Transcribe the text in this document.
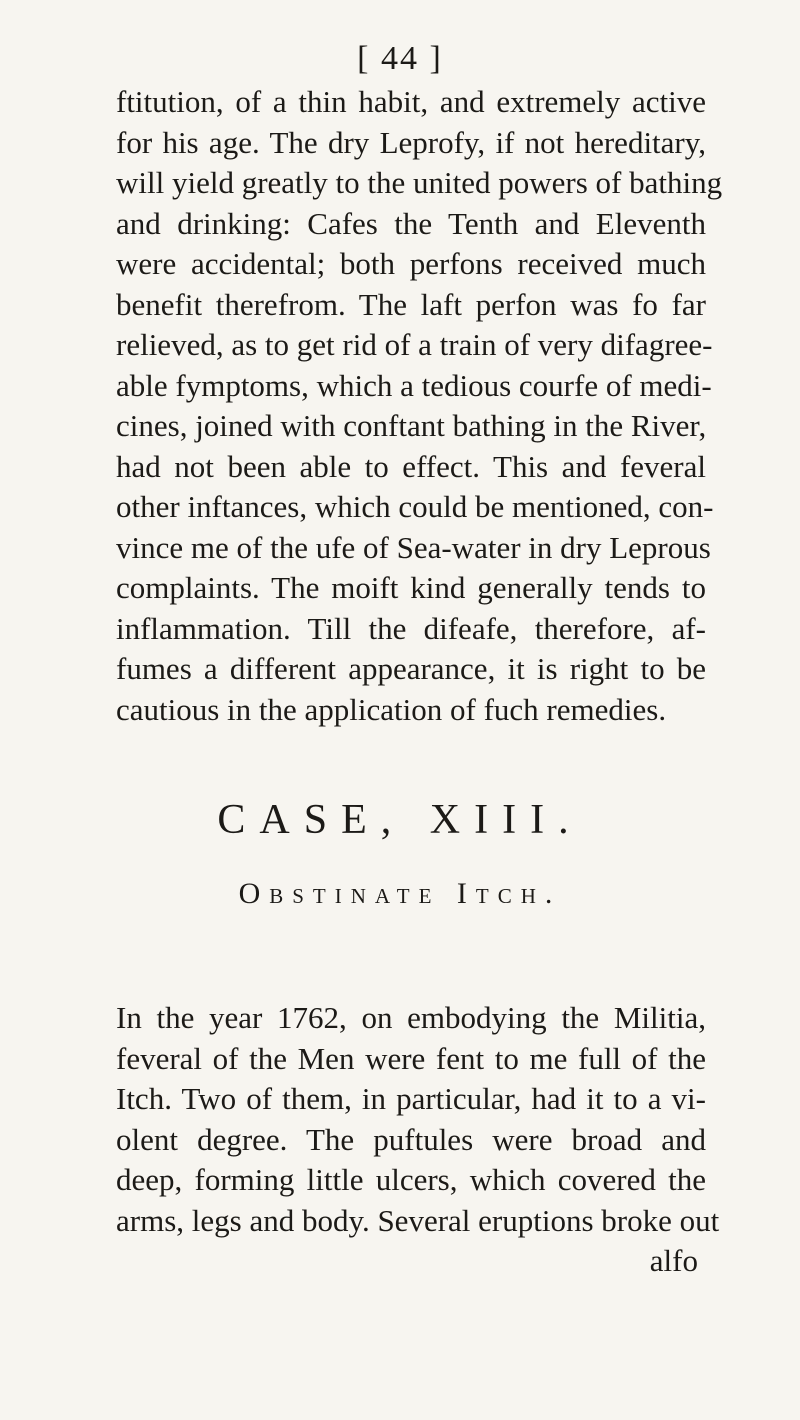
[ 44 ]

ftitution, of a thin habit, and extremely active
for his age. The dry Leprofy, if not hereditary,
will yield greatly to the united powers of bathing
and drinking: Cafes the Tenth and Eleventh
were accidental; both perfons received much
benefit therefrom. The laft perfon was fo far
relieved, as to get rid of a train of very difagree-
able fymptoms, which a tedious courfe of medi-
cines, joined with conftant bathing in the River,
had not been able to effect. This and feveral
other inftances, which could be mentioned, con-
vince me of the ufe of Sea-water in dry Leprous
complaints. The moift kind generally tends to
inflammation. Till the difeafe, therefore, af-
fumes a different appearance, it is right to be
cautious in the application of fuch remedies.

CASE, XIII.
Obstinate Itch.

In the year 1762, on embodying the Militia,
feveral of the Men were fent to me full of the
Itch. Two of them, in particular, had it to a vi-
olent degree. The puftules were broad and
deep, forming little ulcers, which covered the
arms, legs and body. Several eruptions broke out
alfo
